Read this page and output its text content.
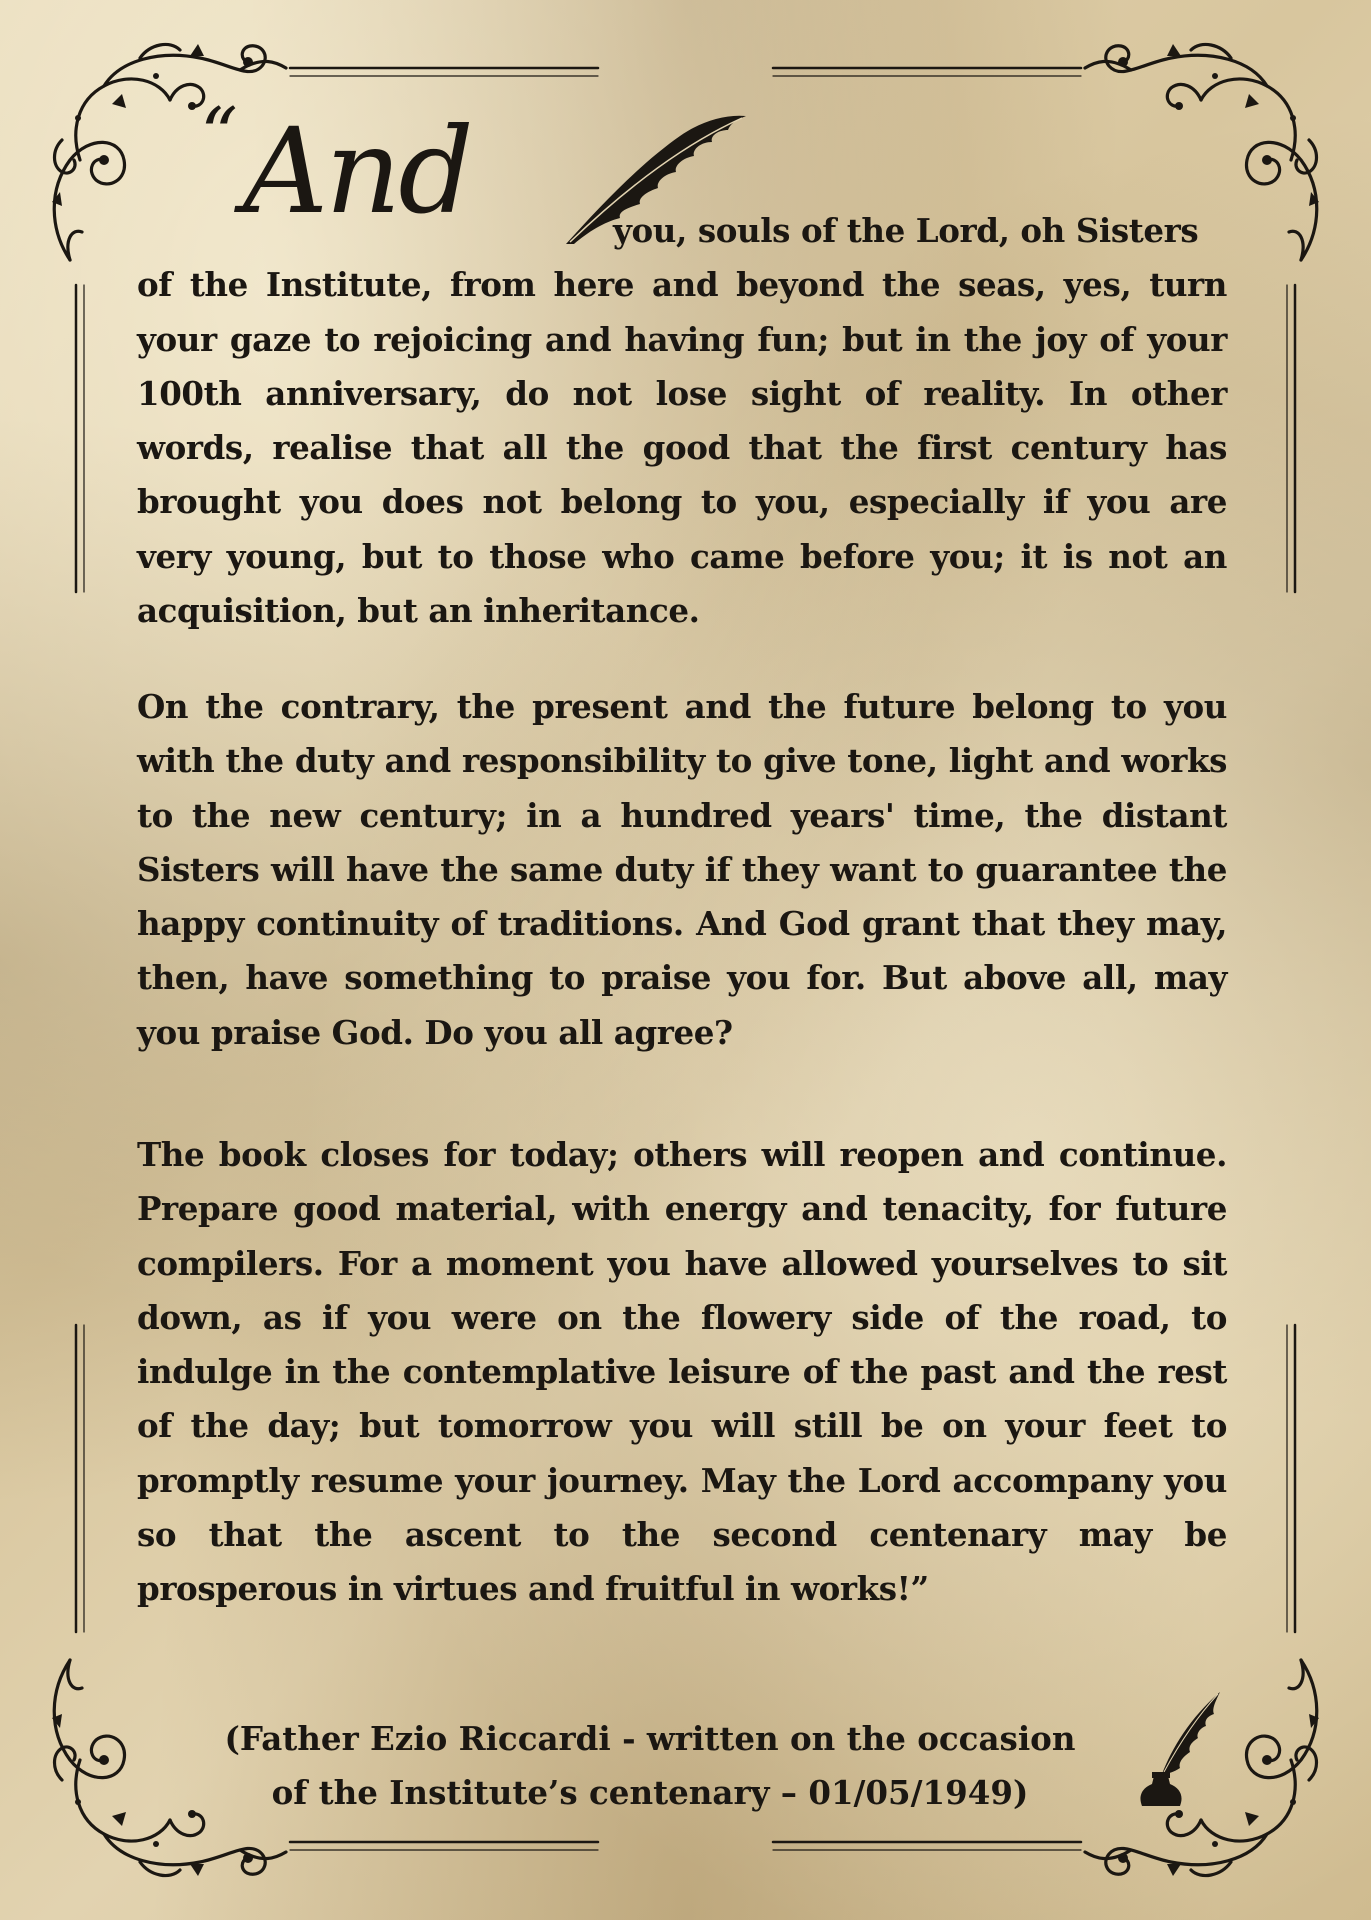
“ And	you, souls of the Lord, oh Sisters
of the Institute, from here and beyond the seas, yes, turn your gaze to rejoicing and having fun; but in the joy of your 100th anniversary, do not lose sight of reality. In other words, realise that all the good that the first century has brought you does not belong to you, especially if you are very young, but to those who came before you; it is not an acquisition, but an inheritance.
On the contrary, the present and the future belong to you with the duty and responsibility to give tone, light and works to the new century; in a hundred years' time, the distant Sisters will have the same duty if they want to guarantee the happy continuity of traditions. And God grant that they may, then, have something to praise you for. But above all, may you praise God. Do you all agree?
The book closes for today; others will reopen and continue. Prepare good material, with energy and tenacity, for future compilers. For a moment you have allowed yourselves to sit down, as if you were on the flowery side of the road, to indulge in the contemplative leisure of the past and the rest of the day; but tomorrow you will still be on your feet to promptly resume your journey. May the Lord accompany you so that the ascent to the second centenary may be prosperous in virtues and fruitful in works!”
(Father Ezio Riccardi - written on the occasion
of the Institute’s centenary – 01/05/1949)
